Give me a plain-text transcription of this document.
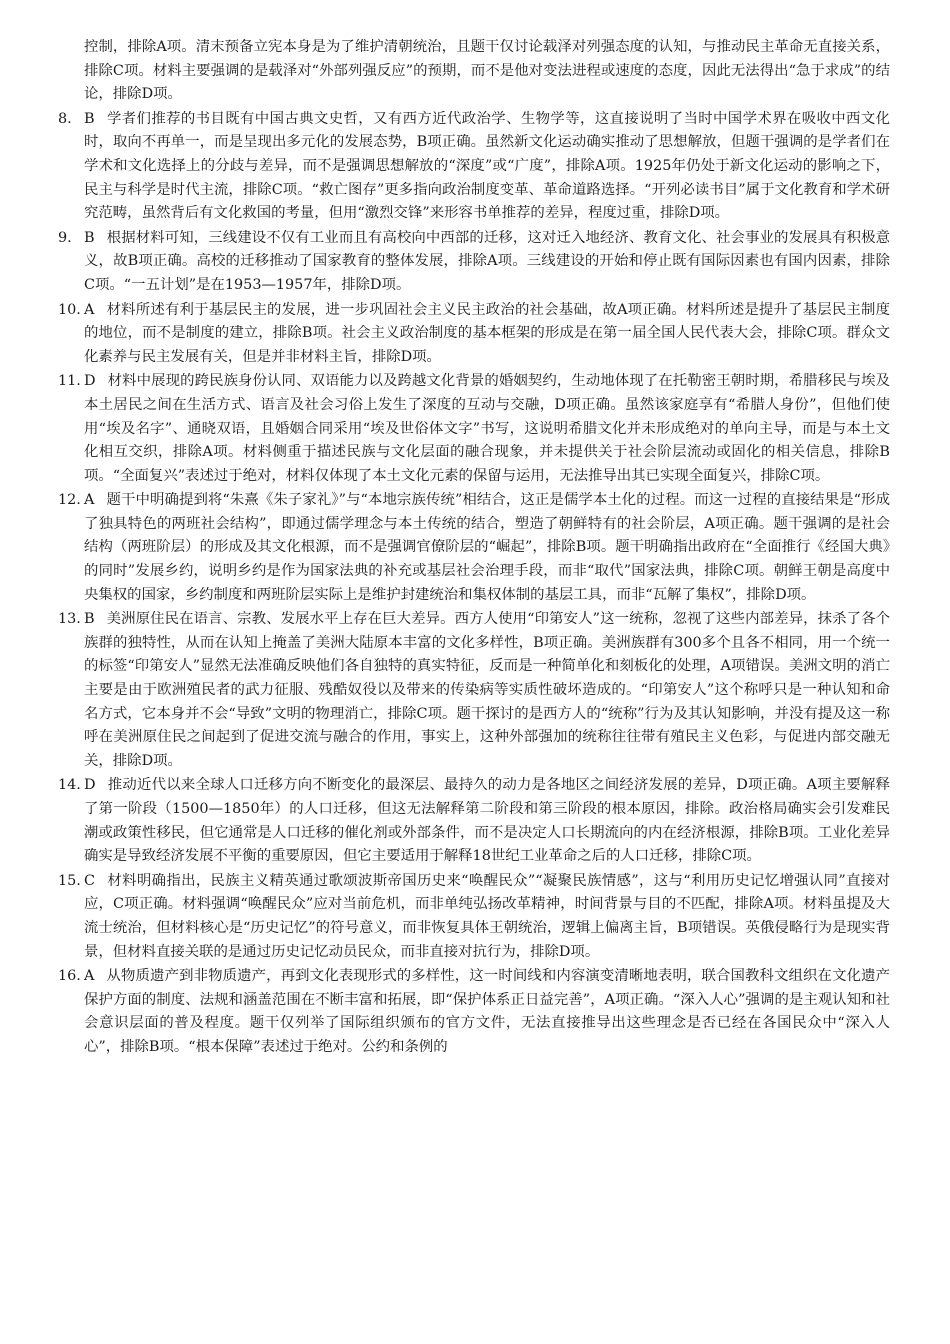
控制，排除A项。清末预备立宪本身是为了维护清朝统治，且题干仅讨论载泽对列强态度的认知，与推动民主革命无直接关系，排除C项。材料主要强调的是载泽对“外部列强反应”的预期，而不是他对变法进程或速度的态度，因此无法得出“急于求成”的结论，排除D项。

8. B 学者们推荐的书目既有中国古典文史哲，又有西方近代政治学、生物学等，这直接说明了当时中国学术界在吸收中西文化时，取向不再单一，而是呈现出多元化的发展态势，B项正确。虽然新文化运动确实推动了思想解放，但题干强调的是学者们在学术和文化选择上的分歧与差异，而不是强调思想解放的“深度”或“广度”，排除A项。1925年仍处于新文化运动的影响之下，民主与科学是时代主流，排除C项。“救亡图存”更多指向政治制度变革、革命道路选择。“开列必读书目”属于文化教育和学术研究范畴，虽然背后有文化救国的考量，但用“激烈交锋”来形容书单推荐的差异，程度过重，排除D项。

9. B 根据材料可知，三线建设不仅有工业而且有高校向中西部的迁移，这对迁入地经济、教育文化、社会事业的发展具有积极意义，故B项正确。高校的迁移推动了国家教育的整体发展，排除A项。三线建设的开始和停止既有国际因素也有国内因素，排除C项。“一五计划”是在1953—1957年，排除D项。

10. A 材料所述有利于基层民主的发展，进一步巩固社会主义民主政治的社会基础，故A项正确。材料所述是提升了基层民主制度的地位，而不是制度的建立，排除B项。社会主义政治制度的基本框架的形成是在第一届全国人民代表大会，排除C项。群众文化素养与民主发展有关，但是并非材料主旨，排除D项。

11. D 材料中展现的跨民族身份认同、双语能力以及跨越文化背景的婚姻契约，生动地体现了在托勒密王朝时期，希腊移民与埃及本土居民之间在生活方式、语言及社会习俗上发生了深度的互动与交融，D项正确。虽然该家庭享有“希腊人身份”，但他们使用“埃及名字”、通晓双语，且婚姻合同采用“埃及世俗体文字”书写，这说明希腊文化并未形成绝对的单向主导，而是与本土文化相互交织，排除A项。材料侧重于描述民族与文化层面的融合现象，并未提供关于社会阶层流动或固化的相关信息，排除B项。“全面复兴”表述过于绝对，材料仅体现了本土文化元素的保留与运用，无法推导出其已实现全面复兴，排除C项。

12. A 题干中明确提到将“朱熹《朱子家礼》”与“本地宗族传统”相结合，这正是儒学本土化的过程。而这一过程的直接结果是“形成了独具特色的两班社会结构”，即通过儒学理念与本土传统的结合，塑造了朝鲜特有的社会阶层，A项正确。题干强调的是社会结构（两班阶层）的形成及其文化根源，而不是强调官僚阶层的“崛起”，排除B项。题干明确指出政府在“全面推行《经国大典》的同时”发展乡约，说明乡约是作为国家法典的补充或基层社会治理手段，而非“取代”国家法典，排除C项。朝鲜王朝是高度中央集权的国家，乡约制度和两班阶层实际上是维护封建统治和集权体制的基层工具，而非“瓦解了集权”，排除D项。

13. B 美洲原住民在语言、宗教、发展水平上存在巨大差异。西方人使用“印第安人”这一统称，忽视了这些内部差异，抹杀了各个族群的独特性，从而在认知上掩盖了美洲大陆原本丰富的文化多样性，B项正确。美洲族群有300多个且各不相同，用一个统一的标签“印第安人”显然无法准确反映他们各自独特的真实特征，反而是一种简单化和刻板化的处理，A项错误。美洲文明的消亡主要是由于欧洲殖民者的武力征服、残酷奴役以及带来的传染病等实质性破坏造成的。“印第安人”这个称呼只是一种认知和命名方式，它本身并不会“导致”文明的物理消亡，排除C项。题干探讨的是西方人的“统称”行为及其认知影响，并没有提及这一称呼在美洲原住民之间起到了促进交流与融合的作用，事实上，这种外部强加的统称往往带有殖民主义色彩，与促进内部交融无关，排除D项。

14. D 推动近代以来全球人口迁移方向不断变化的最深层、最持久的动力是各地区之间经济发展的差异，D项正确。A项主要解释了第一阶段（1500—1850年）的人口迁移，但这无法解释第二阶段和第三阶段的根本原因，排除。政治格局确实会引发难民潮或政策性移民，但它通常是人口迁移的催化剂或外部条件，而不是决定人口长期流向的内在经济根源，排除B项。工业化差异确实是导致经济发展不平衡的重要原因，但它主要适用于解释18世纪工业革命之后的人口迁移，排除C项。

15. C 材料明确指出，民族主义精英通过歌颂波斯帝国历史来“唤醒民众”“凝聚民族情感”，这与“利用历史记忆增强认同”直接对应，C项正确。材料强调“唤醒民众”应对当前危机，而非单纯弘扬改革精神，时间背景与目的不匹配，排除A项。材料虽提及大流士统治，但材料核心是“历史记忆”的符号意义，而非恢复具体王朝统治，逻辑上偏离主旨，B项错误。英俄侵略行为是现实背景，但材料直接关联的是通过历史记忆动员民众，而非直接对抗行为，排除D项。

16. A 从物质遗产到非物质遗产，再到文化表现形式的多样性，这一时间线和内容演变清晰地表明，联合国教科文组织在文化遗产保护方面的制度、法规和涵盖范围在不断丰富和拓展，即“保护体系正日益完善”，A项正确。“深入人心”强调的是主观认知和社会意识层面的普及程度。题干仅列举了国际组织颁布的官方文件，无法直接推导出这些理念是否已经在各国民众中“深入人心”，排除B项。“根本保障”表述过于绝对。公约和条例的
